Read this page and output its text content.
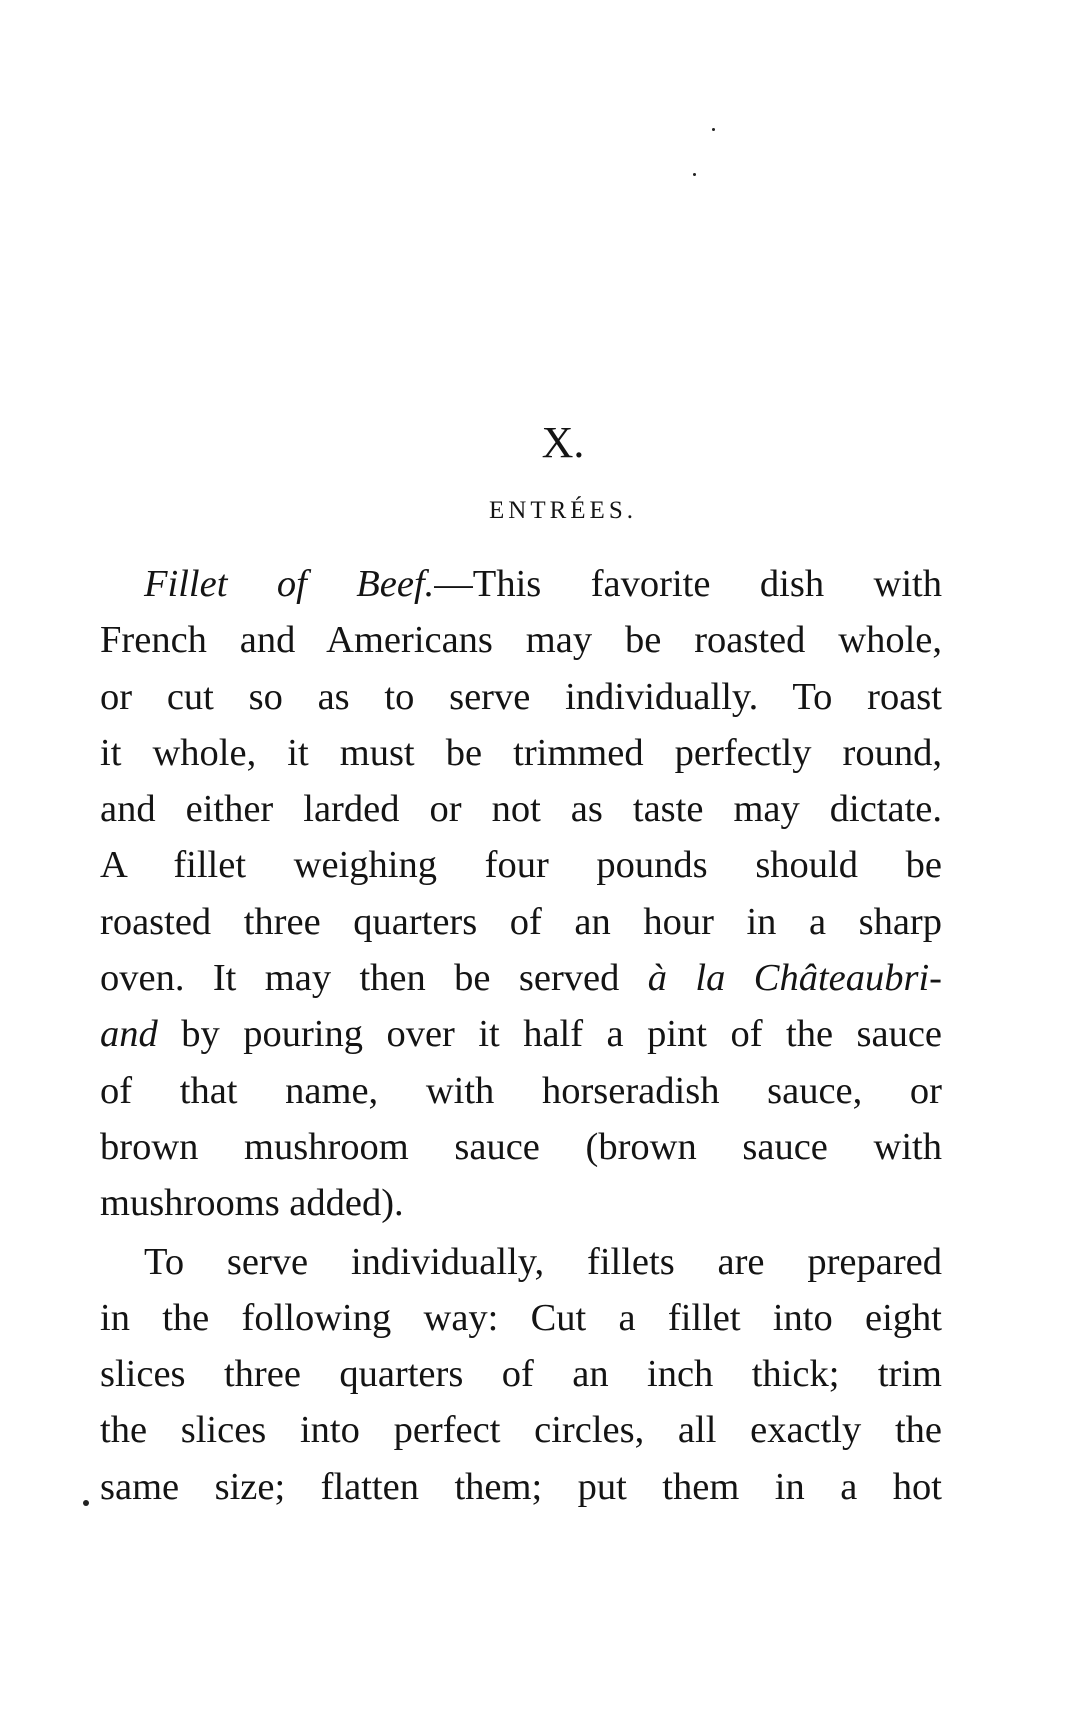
X.
ENTRÉES.
Fillet of Beef.—This favorite dish with
French and Americans may be roasted whole,
or cut so as to serve individually. To roast
it whole, it must be trimmed perfectly round,
and either larded or not as taste may dictate.
A fillet weighing four pounds should be
roasted three quarters of an hour in a sharp
oven. It may then be served à la Châteaubri-
and by pouring over it half a pint of the sauce
of that name, with horseradish sauce, or
brown mushroom sauce (brown sauce with
mushrooms added).
To serve individually, fillets are prepared
in the following way: Cut a fillet into eight
slices three quarters of an inch thick; trim
the slices into perfect circles, all exactly the
same size; flatten them; put them in a hot
